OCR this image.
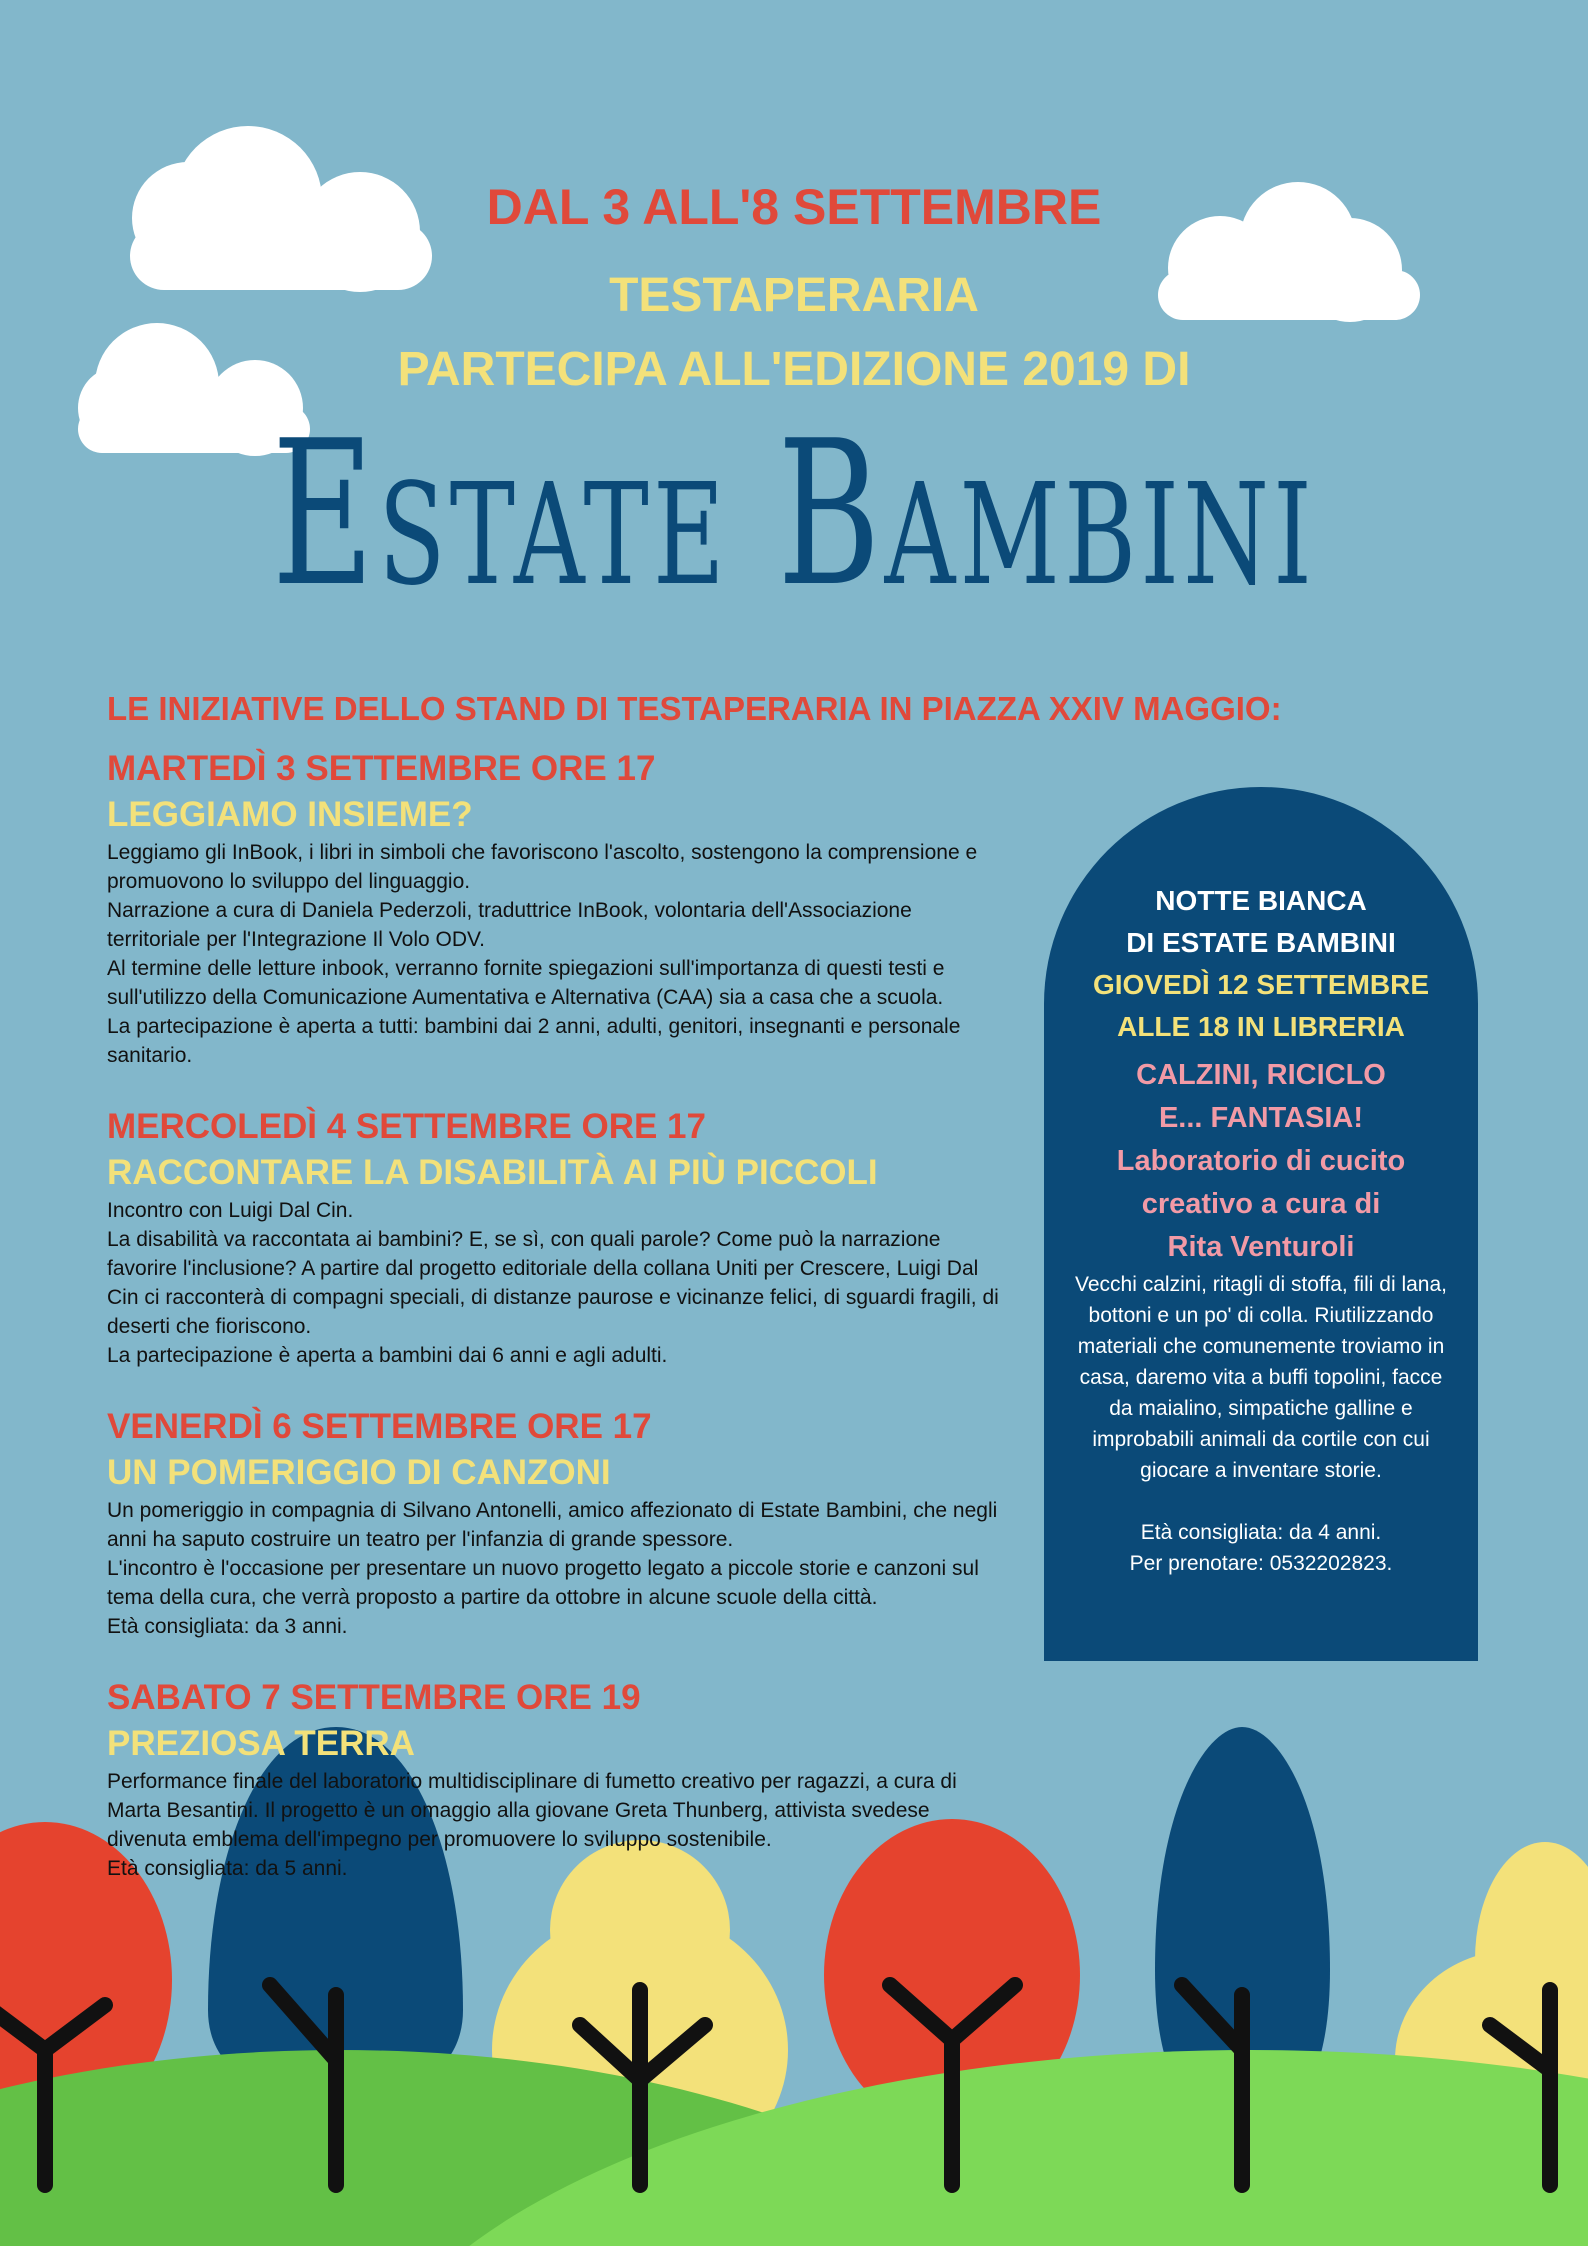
DAL 3 ALL'8 SETTEMBRE
TESTAPERARIA
PARTECIPA ALL'EDIZIONE 2019 DI
Estate Bambini
LE INIZIATIVE DELLO STAND DI TESTAPERARIA IN PIAZZA XXIV MAGGIO:
MARTEDÌ 3 SETTEMBRE ORE 17
LEGGIAMO INSIEME?

Leggiamo gli InBook, i libri in simboli che favoriscono l'ascolto, sostengono la comprensione e promuovono lo sviluppo del linguaggio.

Narrazione a cura di Daniela Pederzoli, traduttrice InBook, volontaria dell'Associazione territoriale per l'Integrazione Il Volo ODV.

Al termine delle letture inbook, verranno fornite spiegazioni sull'importanza di questi testi e sull'utilizzo della Comunicazione Aumentativa e Alternativa (CAA) sia a casa che a scuola.

La partecipazione è aperta a tutti: bambini dai 2 anni, adulti, genitori, insegnanti e personale sanitario.

MERCOLEDÌ 4 SETTEMBRE ORE 17
RACCONTARE LA DISABILITÀ AI PIÙ PICCOLI

Incontro con Luigi Dal Cin.

La disabilità va raccontata ai bambini? E, se sì, con quali parole? Come può la narrazione favorire l'inclusione? A partire dal progetto editoriale della collana Uniti per Crescere, Luigi Dal Cin ci racconterà di compagni speciali, di distanze paurose e vicinanze felici, di sguardi fragili, di deserti che fioriscono.

La partecipazione è aperta a bambini dai 6 anni e agli adulti.

VENERDÌ 6 SETTEMBRE ORE 17
UN POMERIGGIO DI CANZONI

Un pomeriggio in compagnia di Silvano Antonelli, amico affezionato di Estate Bambini, che negli anni ha saputo costruire un teatro per l'infanzia di grande spessore.

L'incontro è l'occasione per presentare un nuovo progetto legato a piccole storie e canzoni sul tema della cura, che verrà proposto a partire da ottobre in alcune scuole della città.

Età consigliata: da 3 anni.

SABATO 7 SETTEMBRE ORE 19
PREZIOSA TERRA

Performance finale del laboratorio multidisciplinare di fumetto creativo per ragazzi, a cura di Marta Besantini. Il progetto è un omaggio alla giovane Greta Thunberg, attivista svedese divenuta emblema dell'impegno per promuovere lo sviluppo sostenibile.

Età consigliata: da 5 anni.

NOTTE BIANCA
DI ESTATE BAMBINI
GIOVEDÌ 12 SETTEMBRE
ALLE 18 IN LIBRERIA
CALZINI, RICICLO
E... FANTASIA!
Laboratorio di cucito
creativo a cura di
Rita Venturoli
Vecchi calzini, ritagli di stoffa, fili di lana, bottoni e un po' di colla. Riutilizzando materiali che comunemente troviamo in casa, daremo vita a buffi topolini, facce da maialino, simpatiche galline e improbabili animali da cortile con cui giocare a inventare storie.
Età consigliata: da 4 anni.
Per prenotare: 0532202823.
